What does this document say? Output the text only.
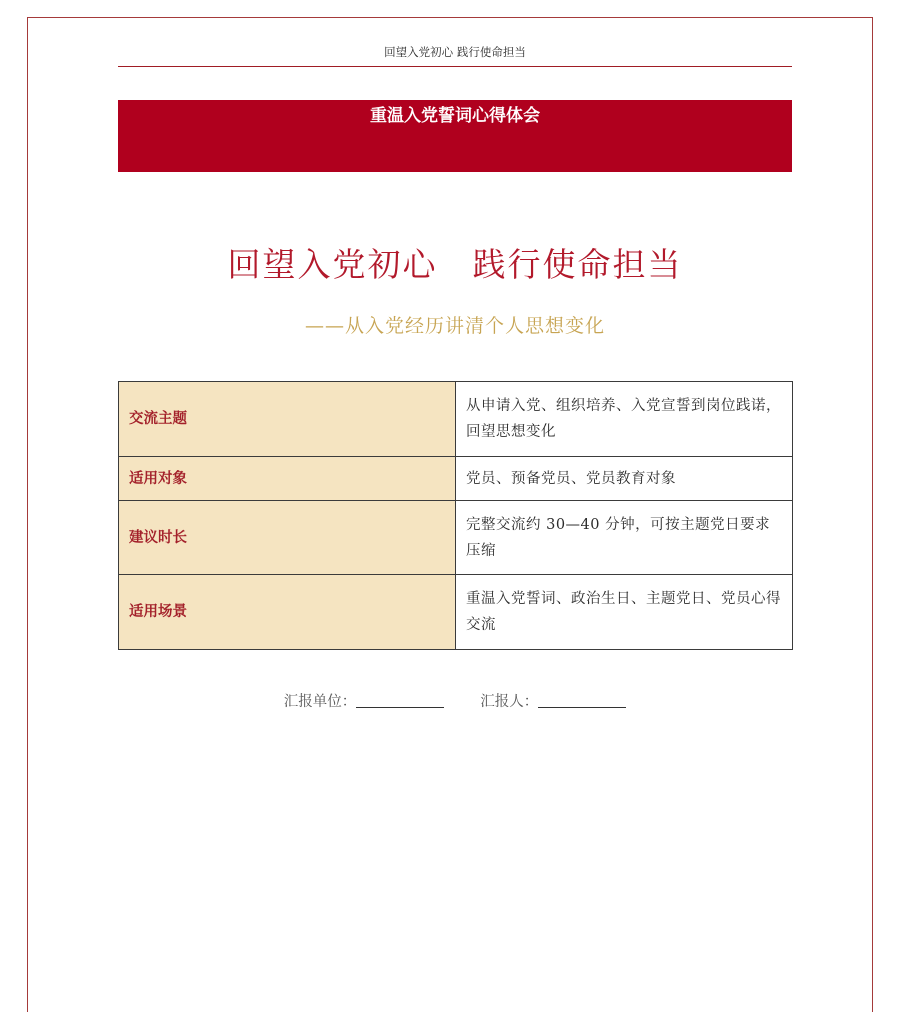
回望入党初心 践行使命担当
重温入党誓词心得体会
回望入党初心　践行使命担当
——从入党经历讲清个人思想变化
交流主题	从申请入党、组织培养、入党宣誓到岗位践诺，回望思想变化
适用对象	党员、预备党员、党员教育对象
建议时长	完整交流约 30—40 分钟，可按主题党日要求压缩
适用场景	重温入党誓词、政治生日、主题党日、党员心得交流
汇报单位：	汇报人：
